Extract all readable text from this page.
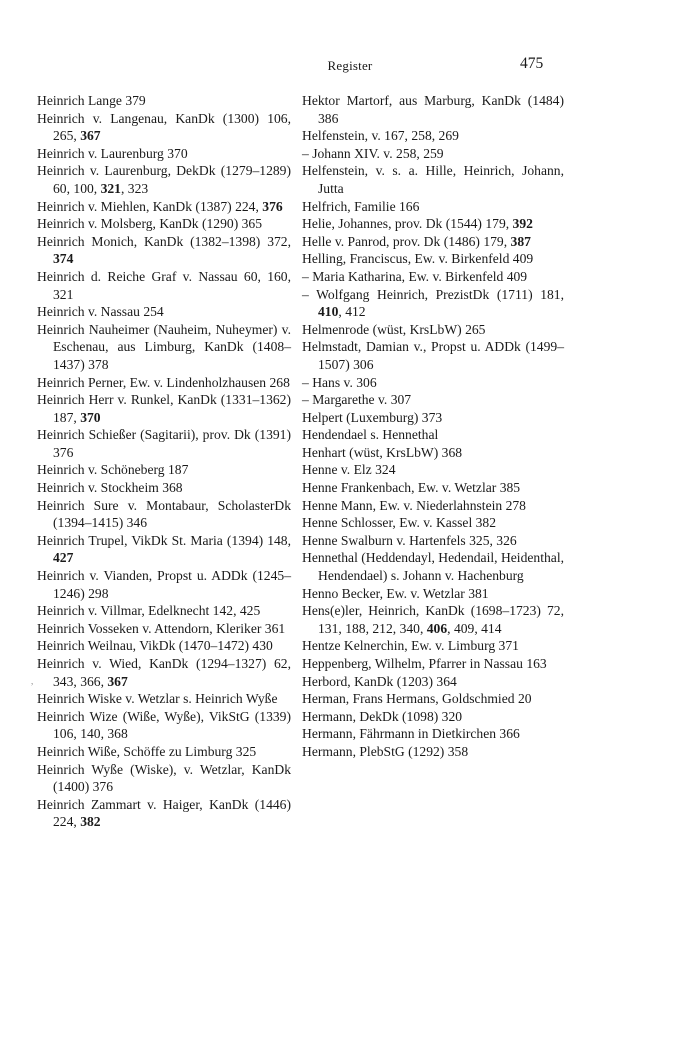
Register	475
Heinrich Lange 379
Heinrich v. Langenau, KanDk (1300) 106, 265, 367
Heinrich v. Laurenburg 370
Heinrich v. Laurenburg, DekDk (1279–1289) 60, 100, 321, 323
Heinrich v. Miehlen, KanDk (1387) 224, 376
Heinrich v. Molsberg, KanDk (1290) 365
Heinrich Monich, KanDk (1382–1398) 372, 374
Heinrich d. Reiche Graf v. Nassau 60, 160, 321
Heinrich v. Nassau 254
Heinrich Nauheimer (Nauheim, Nuheymer) v. Eschenau, aus Limburg, KanDk (1408–1437) 378
Heinrich Perner, Ew. v. Lindenholzhausen 268
Heinrich Herr v. Runkel, KanDk (1331–1362) 187, 370
Heinrich Schießer (Sagitarii), prov. Dk (1391) 376
Heinrich v. Schöneberg 187
Heinrich v. Stockheim 368
Heinrich Sure v. Montabaur, ScholasterDk (1394–1415) 346
Heinrich Trupel, VikDk St. Maria (1394) 148, 427
Heinrich v. Vianden, Propst u. ADDk (1245–1246) 298
Heinrich v. Villmar, Edelknecht 142, 425
Heinrich Vosseken v. Attendorn, Kleriker 361
Heinrich Weilnau, VikDk (1470–1472) 430
Heinrich v. Wied, KanDk (1294–1327) 62, 343, 366, 367
Heinrich Wiske v. Wetzlar s. Heinrich Wyße
Heinrich Wize (Wiße, Wyße), VikStG (1339) 106, 140, 368
Heinrich Wiße, Schöffe zu Limburg 325
Heinrich Wyße (Wiske), v. Wetzlar, KanDk (1400) 376
Heinrich Zammart v. Haiger, KanDk (1446) 224, 382
Hektor Martorf, aus Marburg, KanDk (1484) 386
Helfenstein, v. 167, 258, 269
– Johann XIV. v. 258, 259
Helfenstein, v. s. a. Hille, Heinrich, Johann, Jutta
Helfrich, Familie 166
Helie, Johannes, prov. Dk (1544) 179, 392
Helle v. Panrod, prov. Dk (1486) 179, 387
Helling, Franciscus, Ew. v. Birkenfeld 409
– Maria Katharina, Ew. v. Birkenfeld 409
– Wolfgang Heinrich, PrezistDk (1711) 181, 410, 412
Helmenrode (wüst, KrsLbW) 265
Helmstadt, Damian v., Propst u. ADDk (1499–1507) 306
– Hans v. 306
– Margarethe v. 307
Helpert (Luxemburg) 373
Hendendael s. Hennethal
Henhart (wüst, KrsLbW) 368
Henne v. Elz 324
Henne Frankenbach, Ew. v. Wetzlar 385
Henne Mann, Ew. v. Niederlahnstein 278
Henne Schlosser, Ew. v. Kassel 382
Henne Swalburn v. Hartenfels 325, 326
Hennethal (Heddendayl, Hedendail, Heidenthal, Hendendael) s. Johann v. Hachenburg
Henno Becker, Ew. v. Wetzlar 381
Hens(e)ler, Heinrich, KanDk (1698–1723) 72, 131, 188, 212, 340, 406, 409, 414
Hentze Kelnerchin, Ew. v. Limburg 371
Heppenberg, Wilhelm, Pfarrer in Nassau 163
Herbord, KanDk (1203) 364
Herman, Frans Hermans, Goldschmied 20
Hermann, DekDk (1098) 320
Hermann, Fährmann in Dietkirchen 366
Hermann, PlebStG (1292) 358
,
